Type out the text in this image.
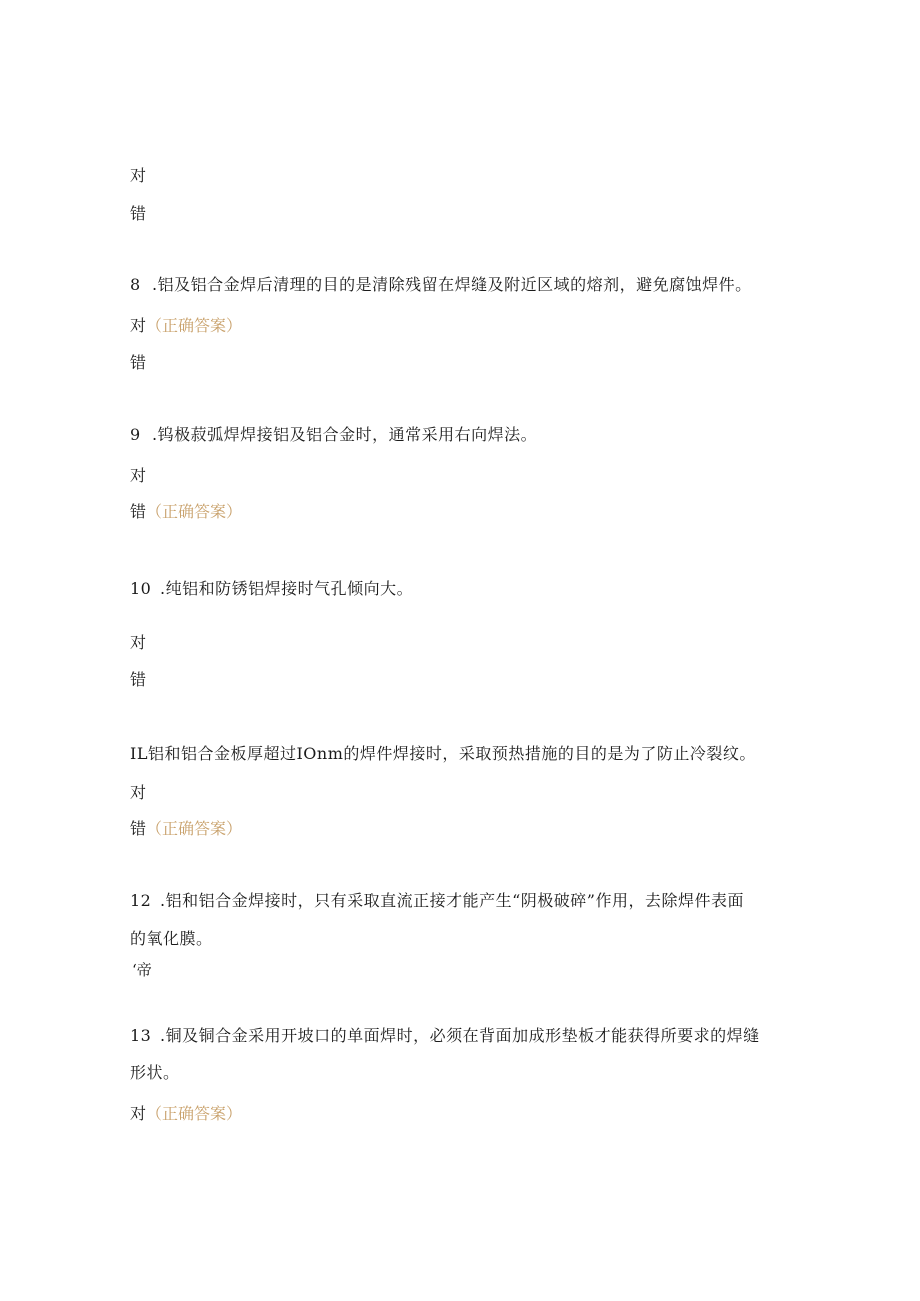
对
错
8 .铝及铝合金焊后清理的目的是清除残留在焊缝及附近区域的熔剂，避免腐蚀焊件。
对（正确答案）
错
9 .钨极菽弧焊焊接铝及铝合金时，通常采用右向焊法。
对
错（正确答案）
10 .纯铝和防锈铝焊接时气孔倾向大。
对
错
IL铝和铝合金板厚超过IOnm的焊件焊接时，采取预热措施的目的是为了防止冷裂纹。
对
错（正确答案）
12 .铝和铝合金焊接时，只有采取直流正接才能产生“阴极破碎”作用，去除焊件表面
的氧化膜。
‘帝
13 .铜及铜合金采用开坡口的单面焊时，必须在背面加成形垫板才能获得所要求的焊缝
形状。
对（正确答案）
